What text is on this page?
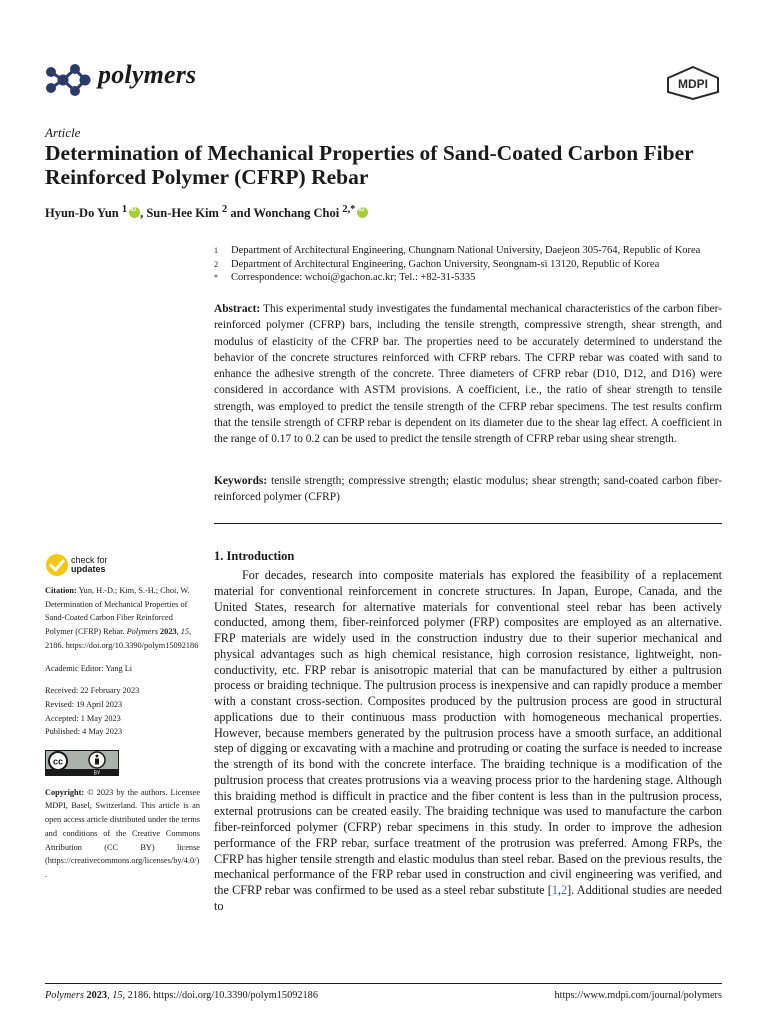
polymers	MDPI
Article
Determination of Mechanical Properties of Sand-Coated Carbon Fiber Reinforced Polymer (CFRP) Rebar
Hyun-Do Yun $^1$iD , Sun-Hee Kim $^2$ and Wonchang Choi $^{2,*}$iD
1	Department of Architectural Engineering, Chungnam National University, Daejeon 305-764, Republic of Korea
2	Department of Architectural Engineering, Gachon University, Seongnam-si 13120, Republic of Korea
*	Correspondence: wchoi@gachon.ac.kr; Tel.: +82-31-5335
Abstract: This experimental study investigates the fundamental mechanical characteristics of the carbon fiber-reinforced polymer (CFRP) bars, including the tensile strength, compressive strength, shear strength, and modulus of elasticity of the CFRP bar. The properties need to be accurately determined to understand the behavior of the concrete structures reinforced with CFRP rebars. The CFRP rebar was coated with sand to enhance the adhesive strength of the concrete. Three diameters of CFRP rebar (D10, D12, and D16) were considered in accordance with ASTM provisions. A coefficient, i.e., the ratio of shear strength to tensile strength, was employed to predict the tensile strength of the CFRP rebar specimens. The test results confirm that the tensile strength of CFRP rebar is dependent on its diameter due to the shear lag effect. A coefficient in the range of 0.17 to 0.2 can be used to predict the tensile strength of CFRP rebar using shear strength.
Keywords: tensile strength; compressive strength; elastic modulus; shear strength; sand-coated carbon fiber-reinforced polymer (CFRP)
check for
updates

Citation: Yun, H.-D.; Kim, S.-H.; Choi, W. Determination of Mechanical Properties of Sand-Coated Carbon Fiber Reinforced Polymer (CFRP) Rebar. Polymers 2023, 15, 2186. https://doi.org/10.3390/polym15092186

Academic Editor: Yang Li

Received: 22 February 2023

Revised: 19 April 2023

Accepted: 1 May 2023

Published: 4 May 2023

cc
BY

Copyright: © 2023 by the authors. Licensee MDPI, Basel, Switzerland. This article is an open access article distributed under the terms and conditions of the Creative Commons Attribution (CC BY) license (https://creativecommons.org/licenses/by/4.0/).

1. Introduction

For decades, research into composite materials has explored the feasibility of a replacement material for conventional reinforcement in concrete structures. In Japan, Europe, Canada, and the United States, research for alternative materials for conventional steel rebar has been actively conducted, among them, fiber-reinforced polymer (FRP) composites are employed as an alternative. FRP materials are widely used in the construction industry due to their superior mechanical and physical advantages such as high chemical resistance, high corrosion resistance, lightweight, non-conductivity, etc. FRP rebar is anisotropic material that can be manufactured by either a pultrusion process or braiding technique. The pultrusion process is inexpensive and can rapidly produce a member with a constant cross-section. Composites produced by the pultrusion process are good in structural applications due to their continuous mass production with homogeneous mechanical properties. However, because members generated by the pultrusion process have a smooth surface, an additional step of digging or excavating with a machine and protruding or coating the surface is needed to increase the strength of its bond with the concrete interface. The braiding technique is a modification of the pultrusion process that creates protrusions via a weaving process prior to the hardening stage. Although this braiding method is difficult in practice and the fiber content is less than in the pultrusion process, external protrusions can be created easily. The braiding technique was used to manufacture the carbon fiber-reinforced polymer (CFRP) rebar specimens in this study. In order to improve the adhesion performance of the FRP rebar, surface treatment of the protrusion was preferred. Among FRPs, the CFRP has higher tensile strength and elastic modulus than steel rebar. Based on the previous results, the mechanical performance of the FRP rebar used in construction and civil engineering was verified, and the CFRP rebar was confirmed to be used as a steel rebar substitute [1,2]. Additional studies are needed to

Polymers 2023, 15, 2186. https://doi.org/10.3390/polym15092186	https://www.mdpi.com/journal/polymers
